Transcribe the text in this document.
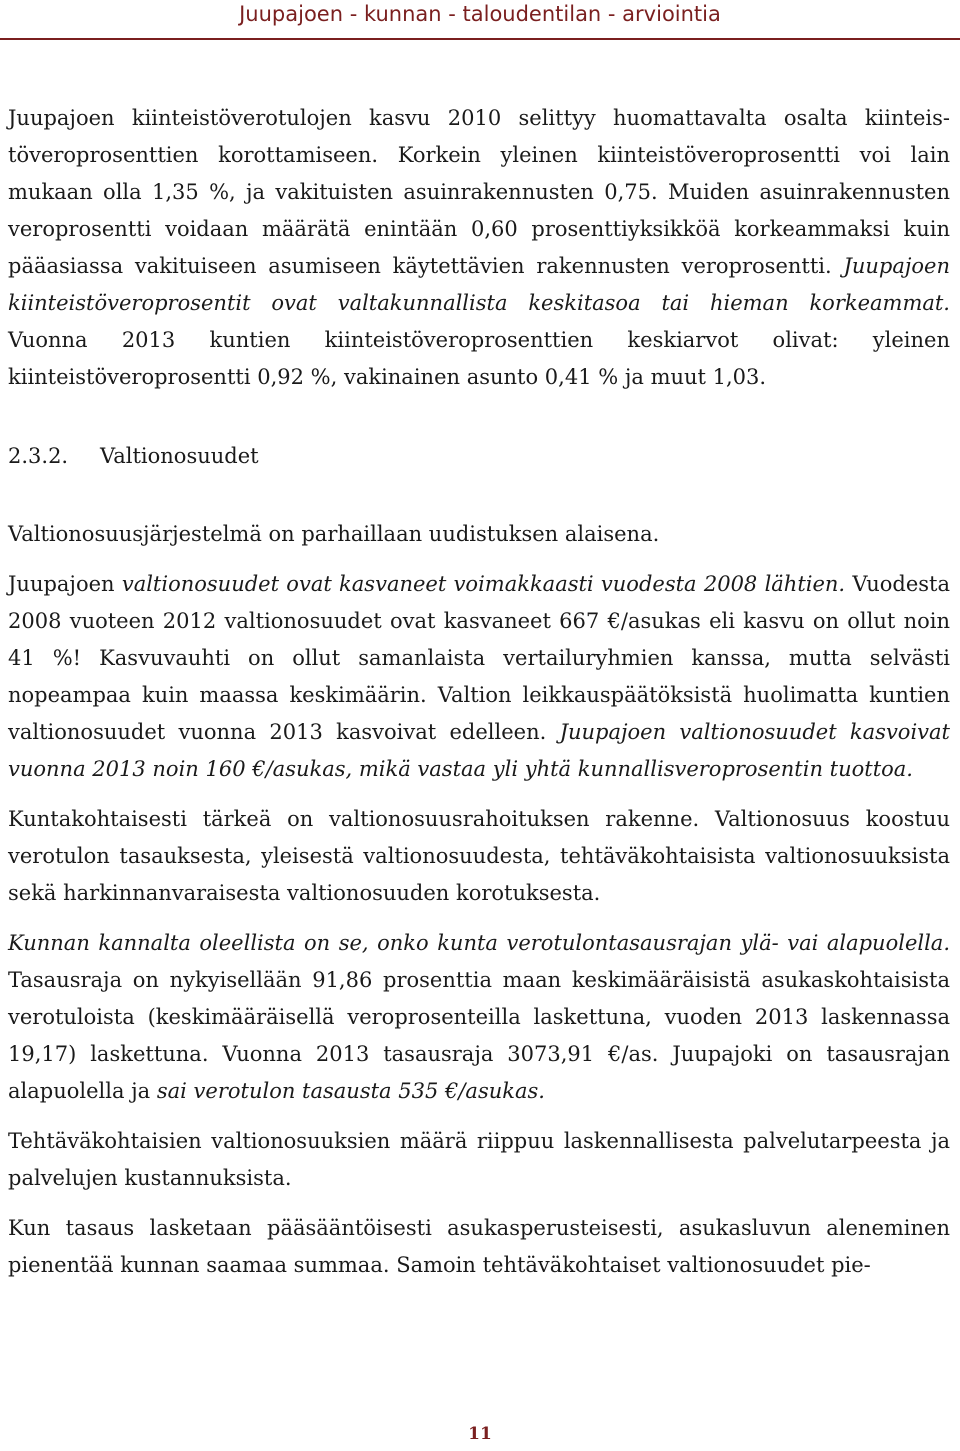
Juupajoen - kunnan - taloudentilan - arviointia

Juupajoen kiinteistöverotulojen kasvu 2010 selittyy huomattavalta osalta kiinteistöveroprosenttien korottamiseen. Korkein yleinen kiinteistöveroprosentti voi lain mukaan olla 1,35 %, ja vakituisten asuinrakennusten 0,75. Muiden asuinrakennusten veroprosentti voidaan määrätä enintään 0,60 prosenttiyksikköä korkeammaksi kuin pääasiassa vakituiseen asumiseen käytettävien rakennusten veroprosentti. Juupajoen kiinteistöveroprosentit ovat valtakunnallista keskitasoa tai hieman korkeammat. Vuonna 2013 kuntien kiinteistöveroprosenttien keskiarvot olivat: yleinen kiinteistöveroprosentti 0,92 %, vakinainen asunto 0,41 % ja muut 1,03.

2.3.2. Valtionosuudet

Valtionosuusjärjestelmä on parhaillaan uudistuksen alaisena.

Juupajoen valtionosuudet ovat kasvaneet voimakkaasti vuodesta 2008 lähtien. Vuodesta 2008 vuoteen 2012 valtionosuudet ovat kasvaneet 667 €/asukas eli kasvu on ollut noin 41 %! Kasvuvauhti on ollut samanlaista vertailuryhmien kanssa, mutta selvästi nopeampaa kuin maassa keskimäärin. Valtion leikkauspäätöksistä huolimatta kuntien valtionosuudet vuonna 2013 kasvoivat edelleen. Juupajoen valtionosuudet kasvoivat vuonna 2013 noin 160 €/asukas, mikä vastaa yli yhtä kunnallisveroprosentin tuottoa.

Kuntakohtaisesti tärkeä on valtionosuusrahoituksen rakenne. Valtionosuus koostuu verotulon tasauksesta, yleisestä valtionosuudesta, tehtäväkohtaisista valtionosuuksista sekä harkinnanvaraisesta valtionosuuden korotuksesta.

Kunnan kannalta oleellista on se, onko kunta verotulontasausrajan ylä- vai alapuolella. Tasausraja on nykyisellään 91,86 prosenttia maan keskimääräisistä asukaskohtaisista verotuloista (keskimääräisellä veroprosenteilla laskettuna, vuoden 2013 laskennassa 19,17) laskettuna. Vuonna 2013 tasausraja 3073,91 €/as. Juupajoki on tasausrajan alapuolella ja sai verotulon tasausta 535 €/asukas.

Tehtäväkohtaisien valtionosuuksien määrä riippuu laskennallisesta palvelutarpeesta ja palvelujen kustannuksista.

Kun tasaus lasketaan pääsääntöisesti asukasperusteisesti, asukasluvun aleneminen pienentää kunnan saamaa summaa. Samoin tehtäväkohtaiset valtionosuudet pie-

11
